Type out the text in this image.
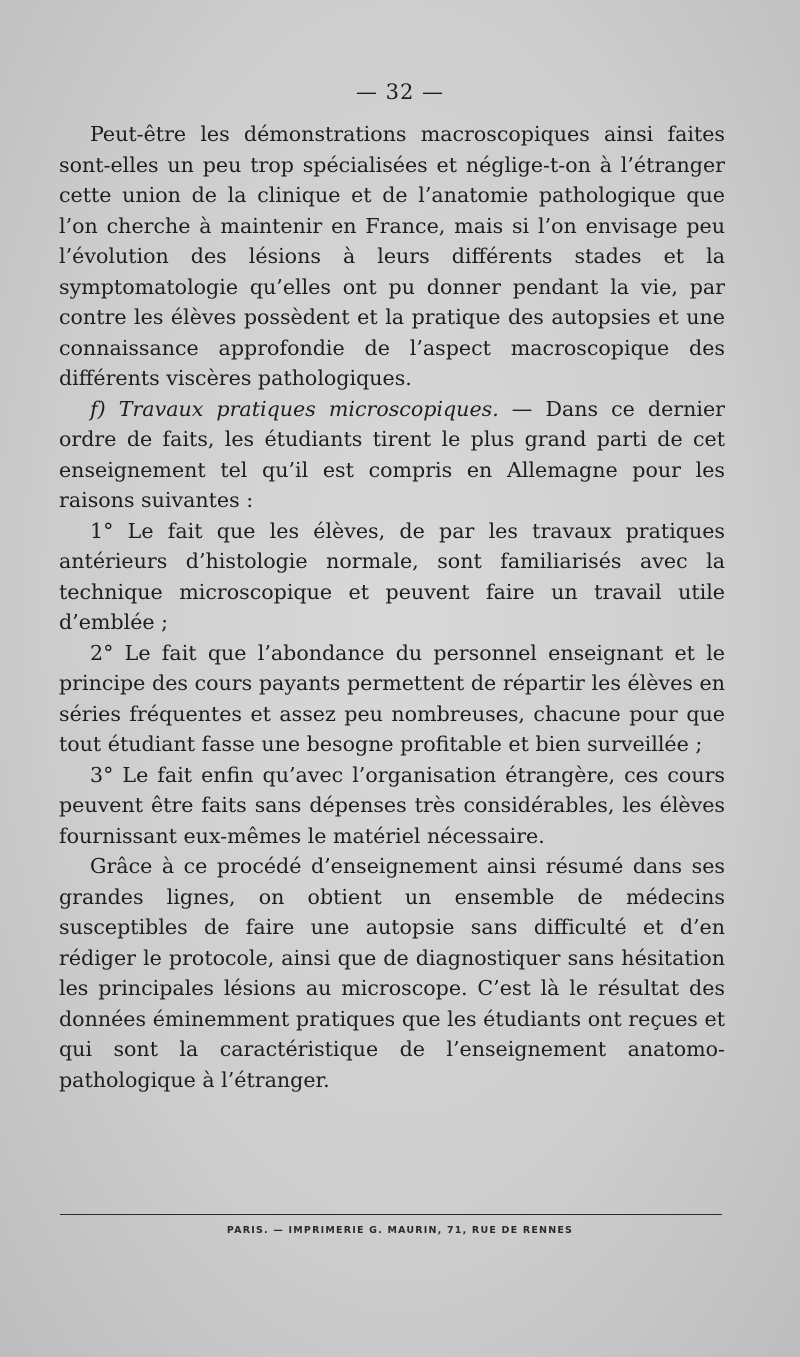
— 32 —

Peut-être les démonstrations macroscopiques ainsi faites sont-elles un peu trop spécialisées et néglige-t-on à l’étranger cette union de la clinique et de l’anatomie pathologique que l’on cherche à maintenir en France, mais si l’on envisage peu l’évolution des lésions à leurs différents stades et la symptomatologie qu’elles ont pu donner pendant la vie, par contre les élèves possèdent et la pratique des autopsies et une connaissance approfondie de l’aspect macroscopique des différents viscères pathologiques.

f) Travaux pratiques microscopiques. — Dans ce dernier ordre de faits, les étudiants tirent le plus grand parti de cet enseignement tel qu’il est compris en Allemagne pour les raisons suivantes :

1° Le fait que les élèves, de par les travaux pratiques antérieurs d’histologie normale, sont familiarisés avec la technique microscopique et peuvent faire un travail utile d’emblée ;

2° Le fait que l’abondance du personnel enseignant et le principe des cours payants permettent de répartir les élèves en séries fréquentes et assez peu nombreuses, chacune pour que tout étudiant fasse une besogne profitable et bien surveillée ;

3° Le fait enfin qu’avec l’organisation étrangère, ces cours peuvent être faits sans dépenses très considérables, les élèves fournissant eux-mêmes le matériel nécessaire.

Grâce à ce procédé d’enseignement ainsi résumé dans ses grandes lignes, on obtient un ensemble de médecins susceptibles de faire une autopsie sans difficulté et d’en rédiger le protocole, ainsi que de diagnostiquer sans hésitation les principales lésions au microscope. C’est là le résultat des données éminemment pratiques que les étudiants ont reçues et qui sont la caractéristique de l’enseignement anatomo-pathologique à l’étranger.

PARIS. — IMPRIMERIE G. MAURIN, 71, RUE DE RENNES
